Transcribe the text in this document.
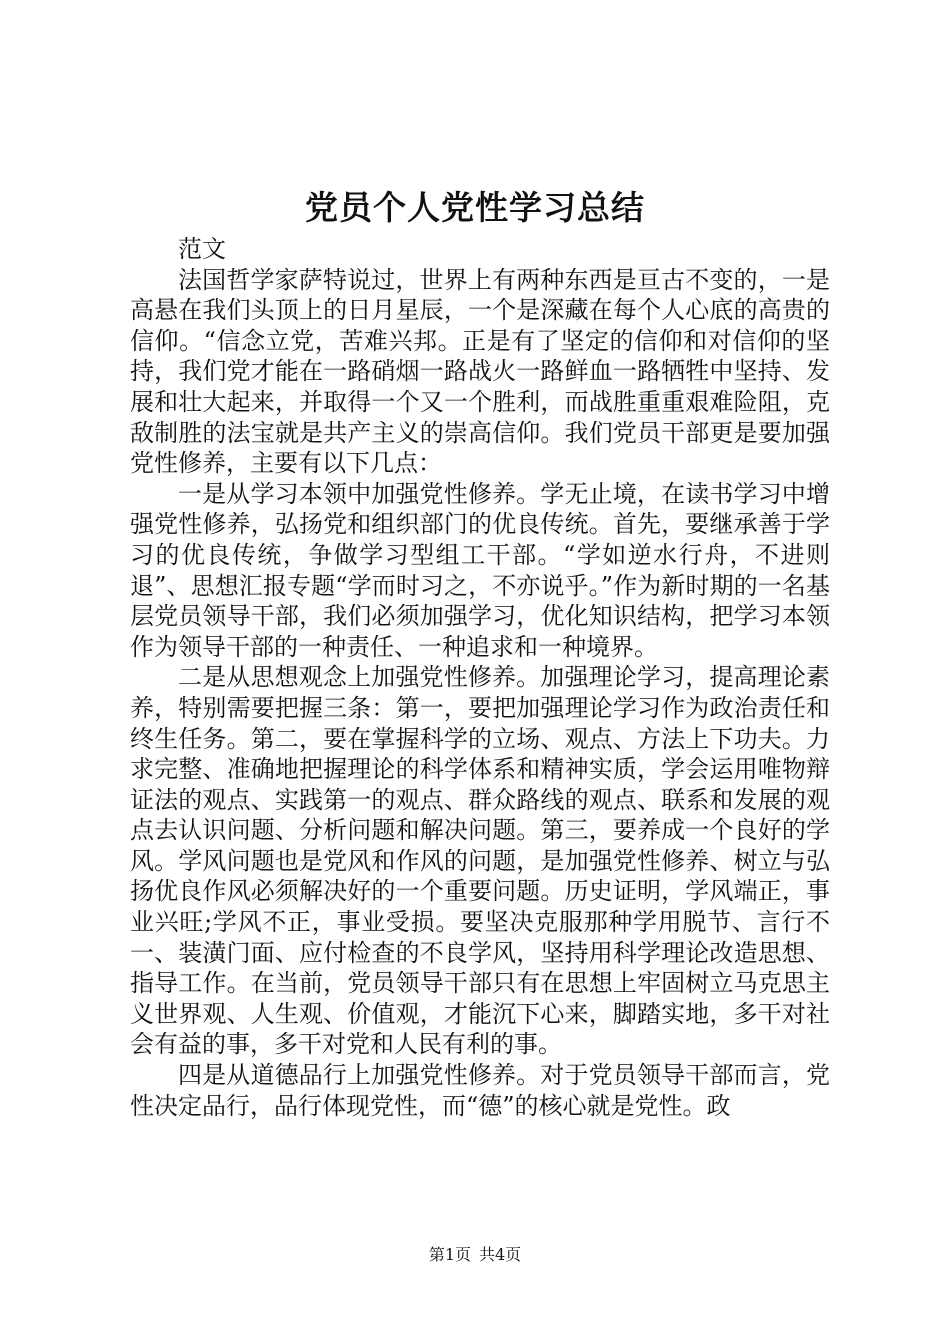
党员个人党性学习总结

范文

法国哲学家萨特说过，世界上有两种东西是亘古不变的，一是高悬在我们头顶上的日月星辰，一个是深藏在每个人心底的高贵的信仰。“信念立党，苦难兴邦。正是有了坚定的信仰和对信仰的坚持，我们党才能在一路硝烟一路战火一路鲜血一路牺牲中坚持、发展和壮大起来，并取得一个又一个胜利，而战胜重重艰难险阻，克敌制胜的法宝就是共产主义的崇高信仰。我们党员干部更是要加强党性修养，主要有以下几点：

一是从学习本领中加强党性修养。学无止境，在读书学习中增强党性修养，弘扬党和组织部门的优良传统。首先，要继承善于学习的优良传统，争做学习型组工干部。“学如逆水行舟，不进则退”、思想汇报专题“学而时习之，不亦说乎。”作为新时期的一名基层党员领导干部，我们必须加强学习，优化知识结构，把学习本领作为领导干部的一种责任、一种追求和一种境界。

二是从思想观念上加强党性修养。加强理论学习，提高理论素养，特别需要把握三条：第一，要把加强理论学习作为政治责任和终生任务。第二，要在掌握科学的立场、观点、方法上下功夫。力求完整、准确地把握理论的科学体系和精神实质，学会运用唯物辩证法的观点、实践第一的观点、群众路线的观点、联系和发展的观点去认识问题、分析问题和解决问题。第三，要养成一个良好的学风。学风问题也是党风和作风的问题，是加强党性修养、树立与弘扬优良作风必须解决好的一个重要问题。历史证明，学风端正，事业兴旺;学风不正，事业受损。要坚决克服那种学用脱节、言行不一、装潢门面、应付检查的不良学风，坚持用科学理论改造思想、指导工作。在当前，党员领导干部只有在思想上牢固树立马克思主义世界观、人生观、价值观，才能沉下心来，脚踏实地，多干对社会有益的事，多干对党和人民有利的事。

四是从道德品行上加强党性修养。对于党员领导干部而言，党性决定品行，品行体现党性，而“德”的核心就是党性。政

第1页 共4页
